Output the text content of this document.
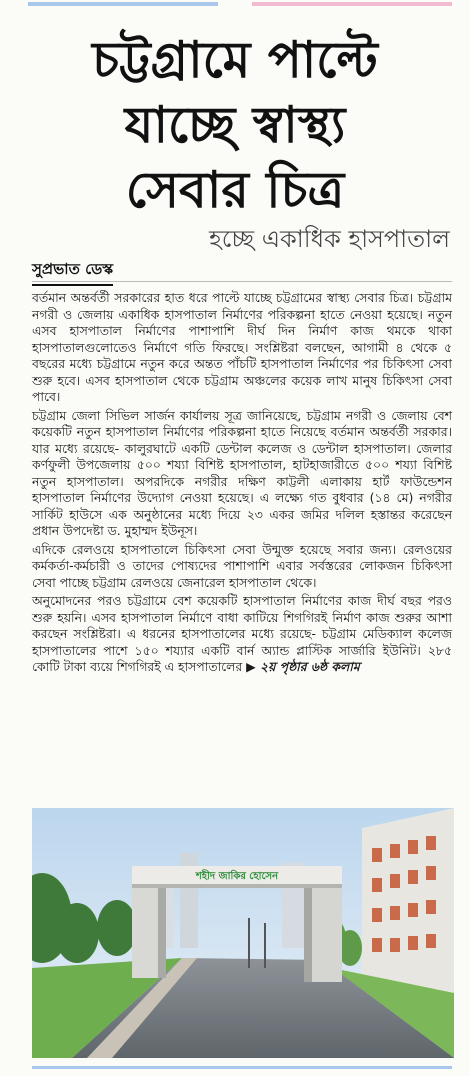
চট্টগ্রামে পাল্টে
যাচ্ছে স্বাস্থ্য
সেবার চিত্র
হচ্ছে একাধিক হাসপাতাল
সুপ্রভাত ডেস্ক

বর্তমান অন্তর্বর্তী সরকারের হাত ধরে পাল্টে যাচ্ছে চট্টগ্রামের স্বাস্থ্য সেবার চিত্র। চট্টগ্রাম নগরী ও জেলায় একাধিক হাসপাতাল নির্মাণের পরিকল্পনা হাতে নেওয়া হয়েছে। নতুন এসব হাসপাতাল নির্মাণের পাশাপাশি দীর্ঘ দিন নির্মাণ কাজ থমকে থাকা হাসপাতালগুলোতেও নির্মাণে গতি ফিরছে। সংশ্লিষ্টরা বলছেন, আগামী ৪ থেকে ৫ বছরের মধ্যে চট্টগ্রামে নতুন করে অন্তত পাঁচটি হাসপাতাল নির্মাণের পর চিকিৎসা সেবা শুরু হবে। এসব হাসপাতাল থেকে চট্টগ্রাম অঞ্চলের কয়েক লাখ মানুষ চিকিৎসা সেবা পাবে।

চট্টগ্রাম জেলা সিভিল সার্জন কার্যালয় সূত্র জানিয়েছে, চট্টগ্রাম নগরী ও জেলায় বেশ কয়েকটি নতুন হাসপাতাল নির্মাণের পরিকল্পনা হাতে নিয়েছে বর্তমান অন্তর্বর্তী সরকার। যার মধ্যে রয়েছে- কালুরঘাটে একটি ডেন্টাল কলেজ ও ডেন্টাল হাসপাতাল। জেলার কর্ণফুলী উপজেলায় ৫০০ শয্যা বিশিষ্ট হাসপাতাল, হাটহাজারীতে ৫০০ শয্যা বিশিষ্ট নতুন হাসপাতাল। অপরদিকে নগরীর দক্ষিণ কাট্টলী এলাকায় হার্ট ফাউন্ডেশন হাসপাতাল নির্মাণের উদ্যোগ নেওয়া হয়েছে। এ লক্ষ্যে গত বুধবার (১৪ মে) নগরীর সার্কিট হাউসে এক অনুষ্ঠানের মধ্যে দিয়ে ২৩ একর জমির দলিল হস্তান্তর করেছেন প্রধান উপদেষ্টা ড. মুহাম্মদ ইউনূস।

এদিকে রেলওয়ে হাসপাতালে চিকিৎসা সেবা উন্মুক্ত হয়েছে সবার জন্য। রেলওয়ের কর্মকর্তা-কর্মচারী ও তাদের পোষ্যদের পাশাপাশি এবার সর্বস্তরের লোকজন চিকিৎসা সেবা পাচ্ছে চট্টগ্রাম রেলওয়ে জেনারেল হাসপাতাল থেকে।

অনুমোদনের পরও চট্টগ্রামে বেশ কয়েকটি হাসপাতাল নির্মাণের কাজ দীর্ঘ বছর পরও শুরু হয়নি। এসব হাসপাতাল নির্মাণে বাধা কাটিয়ে শিগগিরই নির্মাণ কাজ শুরুর আশা করছেন সংশ্লিষ্টরা। এ ধরনের হাসপাতালের মধ্যে রয়েছে- চট্টগ্রাম মেডিক্যাল কলেজ হাসপাতালের পাশে ১৫০ শয্যার একটি বার্ন অ্যান্ড প্লাস্টিক সার্জারি ইউনিট। ২৮৫ কোটি টাকা ব্যয়ে শিগগিরই এ হাসপাতালের ▶ ২য় পৃষ্ঠার ৬ষ্ঠ কলাম

শহীদ জাকির হোসেন
